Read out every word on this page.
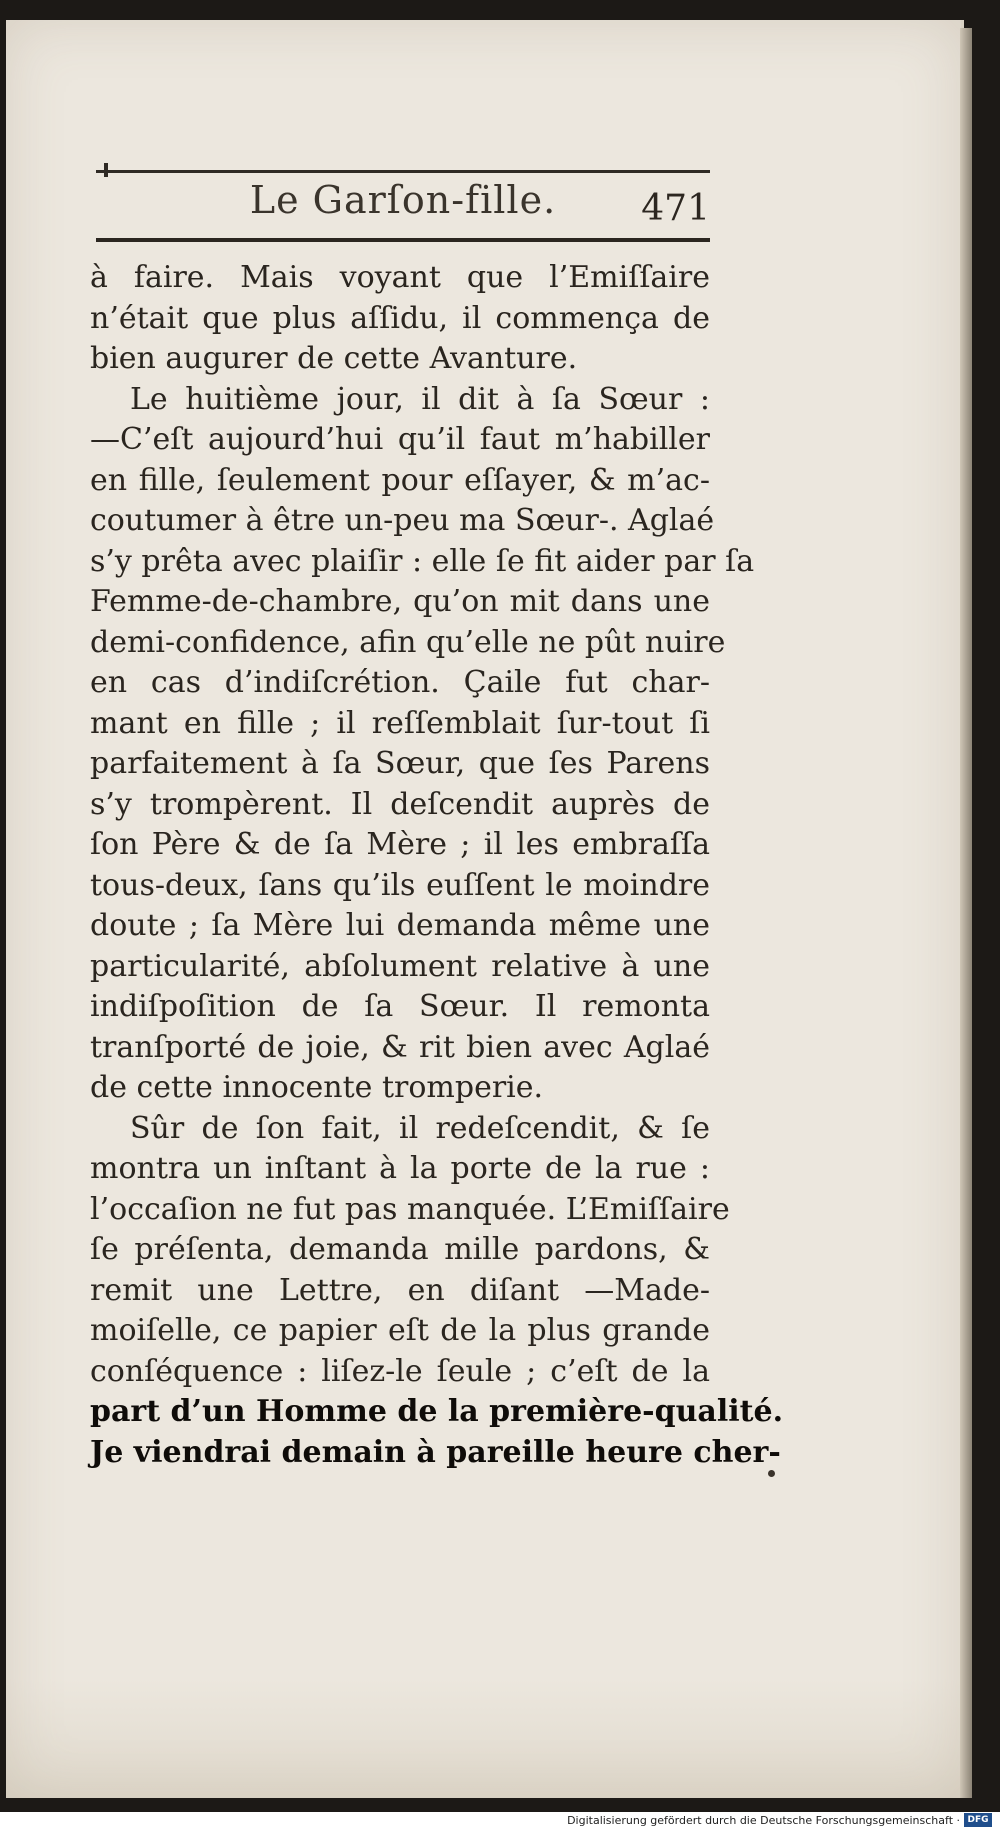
Le Garſon-fille.	471
à faire. Mais voyant que l’Emiſſaire
n’était que plus aſſidu, il commença de
bien augurer de cette Avanture.
Le huitième jour, il dit à ſa Sœur :
—C’eſt aujourd’hui qu’il faut m’habiller
en fille, ſeulement pour eſſayer, & m’ac-
coutumer à être un-peu ma Sœur-. Aglaé
s’y prêta avec plaiſir : elle ſe fit aider par ſa
Femme-de-chambre, qu’on mit dans une
demi-confidence, afin qu’elle ne pût nuire
en cas d’indiſcrétion. Çaile fut char-
mant en fille ; il reſſemblait ſur-tout ſi
parfaitement à ſa Sœur, que ſes Parens
s’y trompèrent. Il deſcendit auprès de
ſon Père & de ſa Mère ; il les embraſſa
tous-deux, ſans qu’ils euſſent le moindre
doute ; ſa Mère lui demanda même une
particularité, abſolument relative à une
indiſpoſition de ſa Sœur. Il remonta
tranſporté de joie, & rit bien avec Aglaé
de cette innocente tromperie.
Sûr de ſon fait, il redeſcendit, & ſe
montra un inſtant à la porte de la rue :
l’occaſion ne fut pas manquée. L’Emiſſaire
ſe préſenta, demanda mille pardons, &
remit une Lettre, en diſant —Made-
moiſelle, ce papier eſt de la plus grande
conſéquence : liſez-le ſeule ; c’eſt de la
part d’un Homme de la première-qualité.
Je viendrai demain à pareille heure cher-
Digitalisierung gefördert durch die Deutsche Forschungsgemeinschaft · DFG
